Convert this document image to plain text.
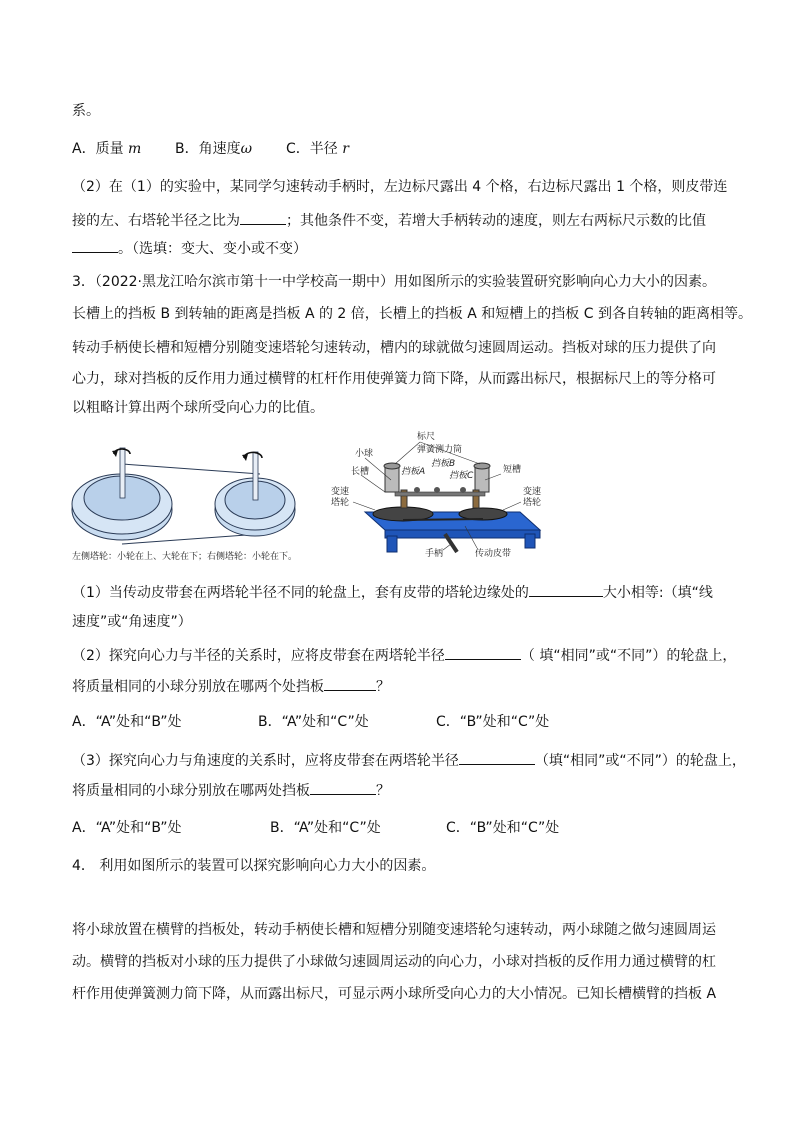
系。
A．质量 m B．角速度ω C．半径 r
（2）在（1）的实验中，某同学匀速转动手柄时，左边标尺露出 4 个格，右边标尺露出 1 个格，则皮带连
接的左、右塔轮半径之比为	；其他条件不变，若增大手柄转动的速度，则左右两标尺示数的比值
。（选填：变大、变小或不变）
3．（2022·黑龙江哈尔滨市第十一中学校高一期中）用如图所示的实验装置研究影响向心力大小的因素。
长槽上的挡板 B 到转轴的距离是挡板 A 的 2 倍，长槽上的挡板 A 和短槽上的挡板 C 到各自转轴的距离相等。
转动手柄使长槽和短槽分别随变速塔轮匀速转动，槽内的球就做匀速圆周运动。挡板对球的压力提供了向
心力，球对挡板的反作用力通过横臂的杠杆作用使弹簧力筒下降，从而露出标尺，根据标尺上的等分格可
以粗略计算出两个球所受向心力的比值。
左侧塔轮：小轮在上、大轮在下；右侧塔轮：小轮在下。
标尺
小球	弹簧测力筒
长槽	挡板A
挡板B
挡板C
短槽
变速
塔轮
变速
塔轮
手柄	传动皮带
（1）当传动皮带套在两塔轮半径不同的轮盘上，套有皮带的塔轮边缘处的	大小相等:（填“线
速度”或“角速度”）
（2）探究向心力与半径的关系时，应将皮带套在两塔轮半径	（ 填“相同”或“不同”）的轮盘上，
将质量相同的小球分别放在哪两个处挡板	？
A．“A”处和“B”处	B．“A”处和“C”处	C．“B”处和“C”处
（3）探究向心力与角速度的关系时，应将皮带套在两塔轮半径	（填“相同”或“不同”）的轮盘上，
将质量相同的小球分别放在哪两处挡板	？
A．“A”处和“B”处	B．“A”处和“C”处	C．“B”处和“C”处
4． 利用如图所示的装置可以探究影响向心力大小的因素。
将小球放置在横臂的挡板处，转动手柄使长槽和短槽分别随变速塔轮匀速转动，两小球随之做匀速圆周运
动。横臂的挡板对小球的压力提供了小球做匀速圆周运动的向心力，小球对挡板的反作用力通过横臂的杠
杆作用使弹簧测力筒下降，从而露出标尺，可显示两小球所受向心力的大小情况。已知长槽横臂的挡板 A
